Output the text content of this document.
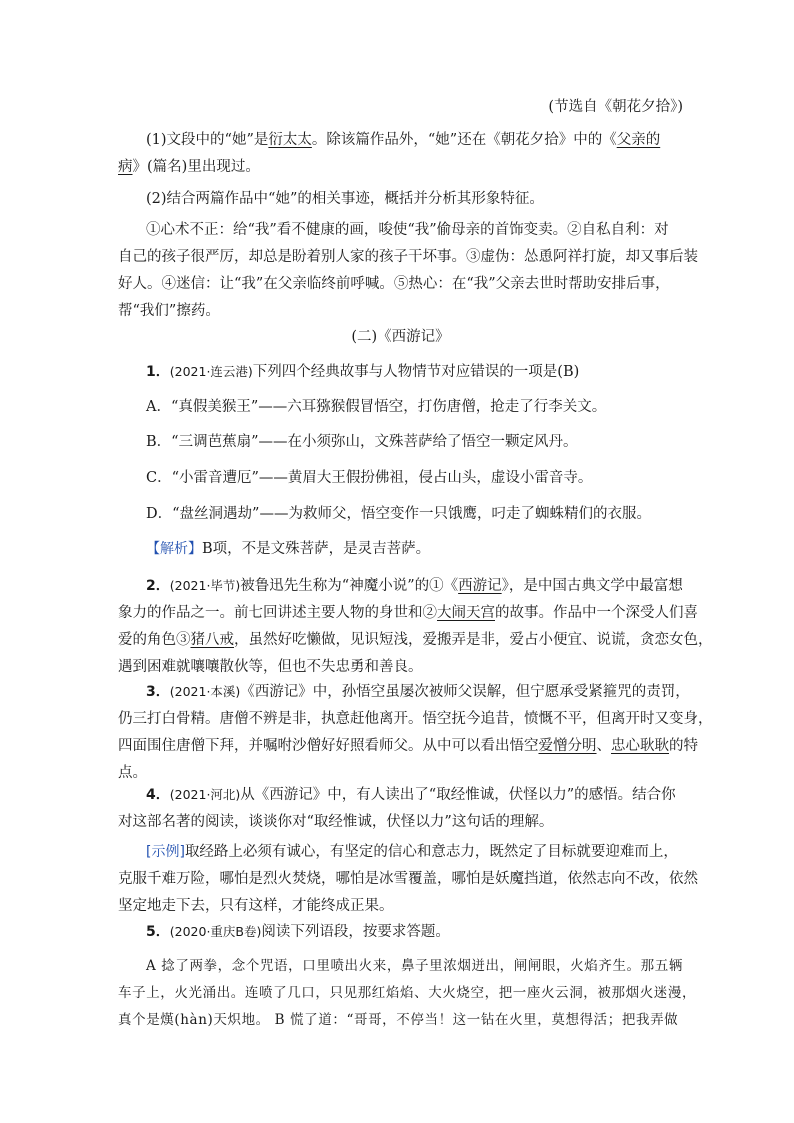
(节选自《朝花夕拾》)

(1)文段中的“她”是衍太太。除该篇作品外，“她”还在《朝花夕拾》中的《父亲的
病》(篇名)里出现过。

(2)结合两篇作品中“她”的相关事迹，概括并分析其形象特征。

①心术不正：给“我”看不健康的画，唆使“我”偷母亲的首饰变卖。②自私自利：对
自己的孩子很严厉，却总是盼着别人家的孩子干坏事。③虚伪：怂恿阿祥打旋，却又事后装
好人。④迷信：让“我”在父亲临终前呼喊。⑤热心：在“我”父亲去世时帮助安排后事，
帮“我们”擦药。

(二)《西游记》

1．(2021·连云港)下列四个经典故事与人物情节对应错误的一项是(B)

A．“真假美猴王”——六耳猕猴假冒悟空，打伤唐僧，抢走了行李关文。

B．“三调芭蕉扇”——在小须弥山，文殊菩萨给了悟空一颗定风丹。

C．“小雷音遭厄”——黄眉大王假扮佛祖，侵占山头，虚设小雷音寺。

D．“盘丝洞遇劫”——为救师父，悟空变作一只饿鹰，叼走了蜘蛛精们的衣服。

【解析】B项，不是文殊菩萨，是灵吉菩萨。

2．(2021·毕节)被鲁迅先生称为“神魔小说”的①《西游记》，是中国古典文学中最富想
象力的作品之一。前七回讲述主要人物的身世和②大闹天宫的故事。作品中一个深受人们喜
爱的角色③猪八戒，虽然好吃懒做，见识短浅，爱搬弄是非，爱占小便宜、说谎，贪恋女色，
遇到困难就嚷嚷散伙等，但也不失忠勇和善良。

3．(2021·本溪)《西游记》中，孙悟空虽屡次被师父误解，但宁愿承受紧箍咒的责罚，
仍三打白骨精。唐僧不辨是非，执意赶他离开。悟空抚今追昔，愤慨不平，但离开时又变身，
四面围住唐僧下拜，并嘱咐沙僧好好照看师父。从中可以看出悟空爱憎分明、忠心耿耿的特
点。

4．(2021·河北)从《西游记》中，有人读出了“取经惟诚，伏怪以力”的感悟。结合你
对这部名著的阅读，谈谈你对“取经惟诚，伏怪以力”这句话的理解。

[示例]取经路上必须有诚心，有坚定的信心和意志力，既然定了目标就要迎难而上，
克服千难万险，哪怕是烈火焚烧，哪怕是冰雪覆盖，哪怕是妖魔挡道，依然志向不改，依然
坚定地走下去，只有这样，才能终成正果。

5．(2020·重庆B卷)阅读下列语段，按要求答题。

A 捻了两拳，念个咒语，口里喷出火来，鼻子里浓烟迸出，闸闸眼，火焰齐生。那五辆
车子上，火光涌出。连喷了几口，只见那红焰焰、大火烧空，把一座火云洞，被那烟火迷漫，
真个是熯(hàn)天炽地。 B 慌了道：“哥哥，不停当！这一钻在火里，莫想得活；把我弄做
